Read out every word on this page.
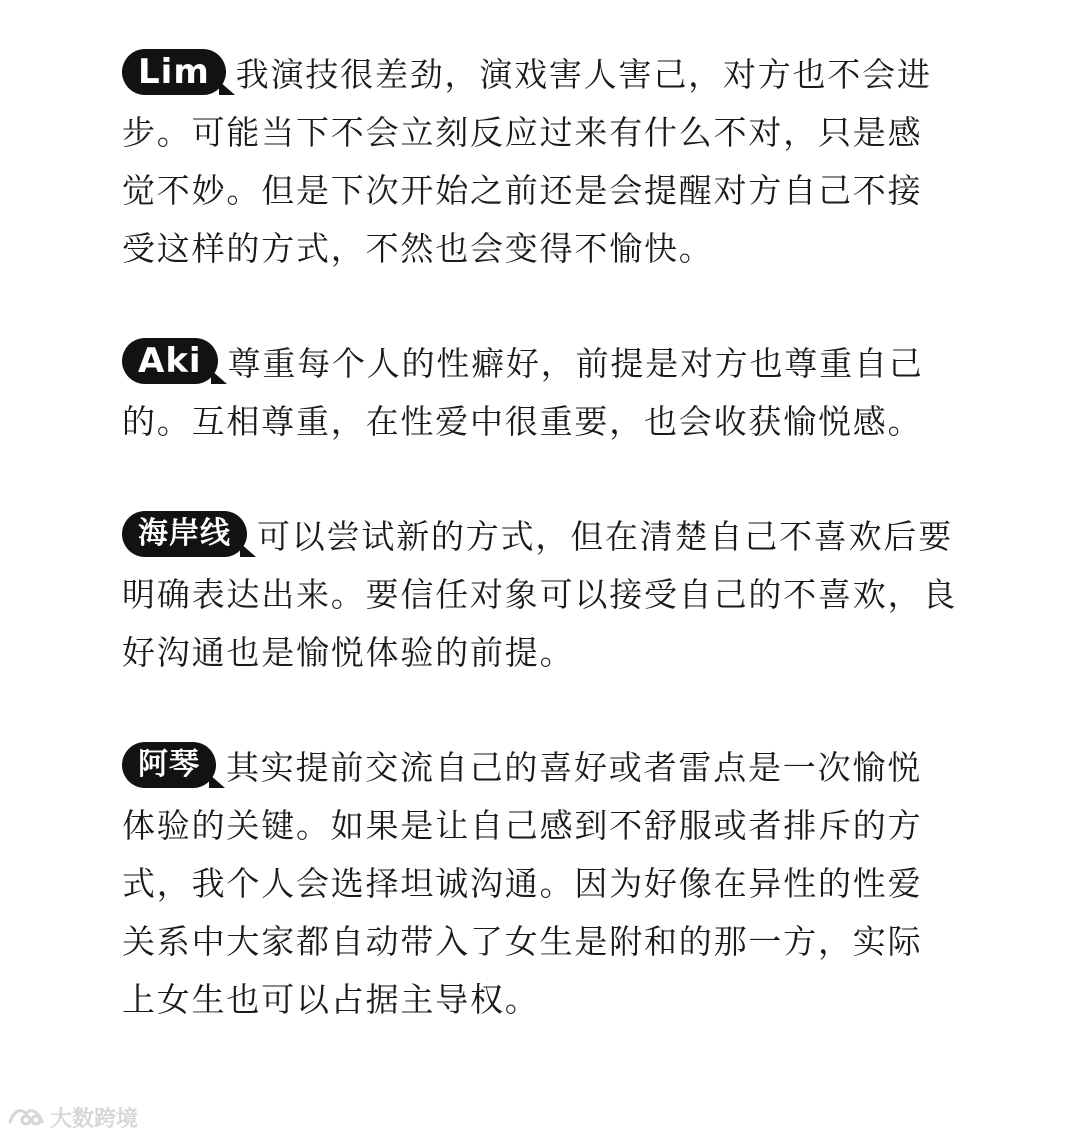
Lim 我演技很差劲，演戏害人害己，对方也不会进

步。可能当下不会立刻反应过来有什么不对，只是感

觉不妙。但是下次开始之前还是会提醒对方自己不接

受这样的方式，不然也会变得不愉快。

Aki 尊重每个人的性癖好，前提是对方也尊重自己

的。互相尊重，在性爱中很重要，也会收获愉悦感。

海岸线 可以尝试新的方式，但在清楚自己不喜欢后要

明确表达出来。要信任对象可以接受自己的不喜欢，良

好沟通也是愉悦体验的前提。

阿琴 其实提前交流自己的喜好或者雷点是一次愉悦

体验的关键。如果是让自己感到不舒服或者排斥的方

式，我个人会选择坦诚沟通。因为好像在异性的性爱

关系中大家都自动带入了女生是附和的那一方，实际

上女生也可以占据主导权。

大数跨境
